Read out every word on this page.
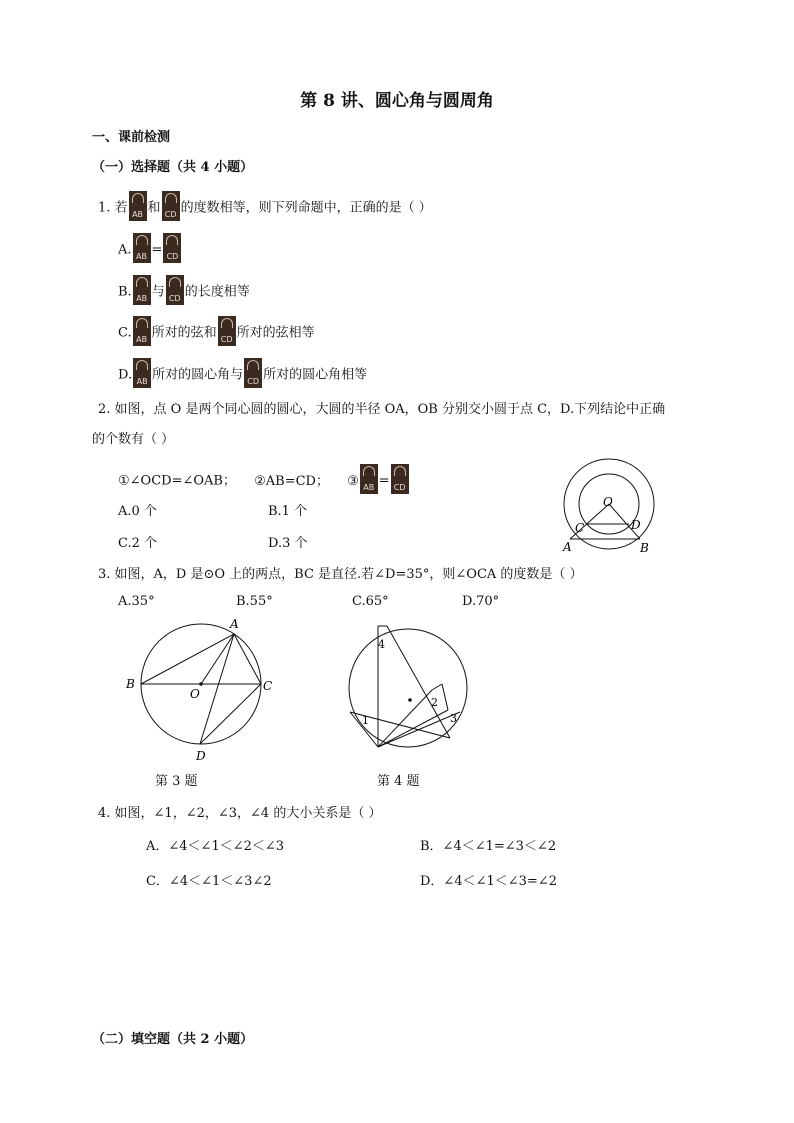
第 8 讲、圆心角与圆周角
一、课前检测
（一）选择题（共 4 小题）
1. 若 AB 和 CD 的度数相等，则下列命题中，正确的是（ ）
A. AB = CD
B. AB 与 CD 的长度相等
C. AB 所对的弦和 CD 所对的弦相等
D. AB 所对的圆心角与 CD 所对的圆心角相等
2. 如图，点 O 是两个同心圆的圆心，大圆的半径 OA，OB 分别交小圆于点 C，D.下列结论中正确
的个数有（ ）
①∠OCD=∠OAB； ②AB=CD； ③ AB = CD
A.0 个	B.1 个
C.2 个	D.3 个
O
C	D
A	B
3. 如图，A，D 是⊙O 上的两点，BC 是直径.若∠D=35°，则∠OCA 的度数是（ ）
A.35°	B.55°	C.65°	D.70°
A
B	C
D
O
4
2
3
1
第 3 题	第 4 题
4. 如图，∠1，∠2，∠3，∠4 的大小关系是（ ）
A．∠4＜∠1＜∠2＜∠3	B．∠4＜∠1=∠3＜∠2
C．∠4＜∠1＜∠3∠2	D．∠4＜∠1＜∠3=∠2
（二）填空题（共 2 小题）
